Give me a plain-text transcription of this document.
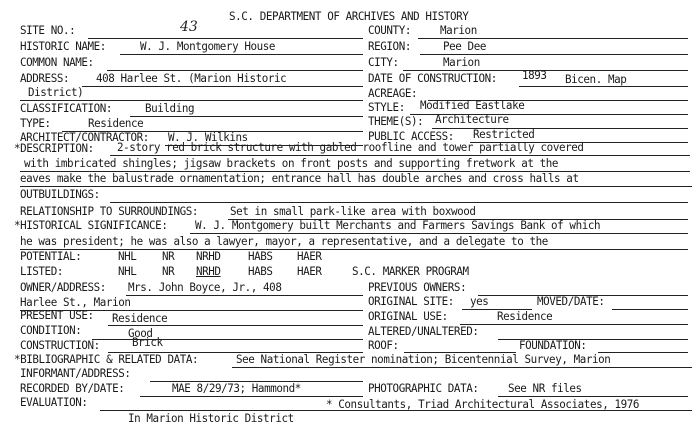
S.C. DEPARTMENT OF ARCHIVES AND HISTORY
SITE NO.:	43	COUNTY:	Marion
HISTORIC NAME:	W. J. Montgomery House	REGION:	Pee Dee
COMMON NAME:	CITY:	Marion
ADDRESS: 408 Harlee St. (Marion Historic
District)
DATE OF CONSTRUCTION: 1893 Bicen. Map
ACREAGE:
CLASSIFICATION:	Building	STYLE: Modified Eastlake
TYPE:	Residence	THEME(S): Architecture
ARCHITECT/CONTRACTOR: W. J. Wilkins	PUBLIC ACCESS: Restricted
*DESCRIPTION: 2-story red brick structure with gabled roofline and tower partially covered
with imbricated shingles; jigsaw brackets on front posts and supporting fretwork at the
eaves make the balustrade ornamentation; entrance hall has double arches and cross halls at
OUTBUILDINGS:
RELATIONSHIP TO SURROUNDINGS:	Set in small park-like area with boxwood
*HISTORICAL SIGNIFICANCE: W. J. Montgomery built Merchants and Farmers Savings Bank of which
he was president; he was also a lawyer, mayor, a representative, and a delegate to the
POTENTIAL:	NHL NR NRHD HABS HAER
LISTED:	NHL NR NRHD HABS HAER	S.C. MARKER PROGRAM
OWNER/ADDRESS: Mrs. John Boyce, Jr., 408
Harlee St., Marion
PREVIOUS OWNERS:
ORIGINAL SITE: yes	MOVED/DATE:
PRESENT USE: Residence	ORIGINAL USE:	Residence
CONDITION:	Good	ALTERED/UNALTERED:
CONSTRUCTION:	Brick	ROOF:	FOUNDATION:
*BIBLIOGRAPHIC & RELATED DATA:	See National Register nomination; Bicentennial Survey, Marion
INFORMANT/ADDRESS:
RECORDED BY/DATE:	MAE 8/29/73; Hammond*	PHOTOGRAPHIC DATA:	See NR files
EVALUATION:	* Consultants, Triad Architectural Associates, 1976
In Marion Historic District
